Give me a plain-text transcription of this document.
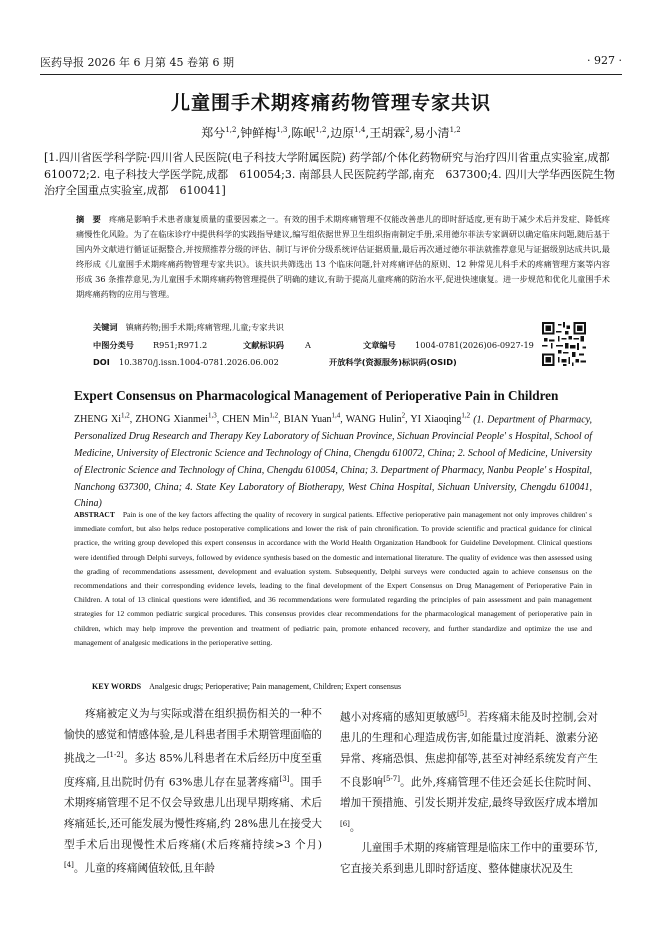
医药导报 2026 年 6 月第 45 卷第 6 期	· 927 ·
儿童围手术期疼痛药物管理专家共识
郑兮$^{1,2}$,钟鲜梅$^{1,3}$,陈岷$^{1,2}$,边原$^{1,4}$,王胡霖$^2$,易小清$^{1,2}$
[1.四川省医学科学院·四川省人民医院(电子科技大学附属医院) 药学部/个体化药物研究与治疗四川省重点实验室,成都　610072;2. 电子科技大学医学院,成都　610054;3. 南部县人民医院药学部,南充　637300;4. 四川大学华西医院生物治疗全国重点实验室,成都　610041]
摘　要 疼痛是影响手术患者康复质量的重要因素之一。有效的围手术期疼痛管理不仅能改善患儿的即时舒适度,更有助于减少术后并发症、降低疼痛慢性化风险。为了在临床诊疗中提供科学的实践指导建议,编写组依据世界卫生组织指南制定手册,采用德尔菲法专家调研以确定临床问题,随后基于国内外文献进行循证证据整合,并按照推荐分级的评估、制订与评价分级系统评估证据质量,最后再次通过德尔菲法就推荐意见与证据级别达成共识,最终形成《儿童围手术期疼痛药物管理专家共识》。该共识共筛选出 13 个临床问题,针对疼痛评估的原则、12 种常见儿科手术的疼痛管理方案等内容形成 36 条推荐意见,为儿童围手术期疼痛药物管理提供了明确的建议,有助于提高儿童疼痛的防治水平,促进快速康复。进一步规范和优化儿童围手术期疼痛药物的应用与管理。
关键词 镇痛药物;围手术期;疼痛管理,儿童;专家共识
中图分类号 R951;R971.2	文献标识码	A	文章编号 1004-0781(2026)06-0927-19
DOI 10.3870/j.issn.1004-0781.2026.06.002	开放科学(资源服务)标识码(OSID)
Expert Consensus on Pharmacological Management of Perioperative Pain in Children
ZHENG Xi$^{1,2}$, ZHONG Xianmei$^{1,3}$, CHEN Min$^{1,2}$, BIAN Yuan$^{1,4}$, WANG Hulin$^2$, YI Xiaoqing$^{1,2}$ (1. Department of Pharmacy, Personalized Drug Research and Therapy Key Laboratory of Sichuan Province, Sichuan Provincial People' s Hospital, School of Medicine, University of Electronic Science and Technology of China, Chengdu 610072, China; 2. School of Medicine, University of Electronic Science and Technology of China, Chengdu 610054, China; 3. Department of Pharmacy, Nanbu People' s Hospital, Nanchong 637300, China; 4. State Key Laboratory of Biotherapy, West China Hospital, Sichuan University, Chengdu 610041, China)
ABSTRACT Pain is one of the key factors affecting the quality of recovery in surgical patients. Effective perioperative pain management not only improves children' s immediate comfort, but also helps reduce postoperative complications and lower the risk of pain chronification. To provide scientific and practical guidance for clinical practice, the writing group developed this expert consensus in accordance with the World Health Organization Handbook for Guideline Development. Clinical questions were identified through Delphi surveys, followed by evidence synthesis based on the domestic and international literature. The quality of evidence was then assessed using the grading of recommendations assessment, development and evaluation system. Subsequently, Delphi surveys were conducted again to achieve consensus on the recommendations and their corresponding evidence levels, leading to the final development of the Expert Consensus on Drug Management of Perioperative Pain in Children. A total of 13 clinical questions were identified, and 36 recommendations were formulated regarding the principles of pain assessment and pain management strategies for 12 common pediatric surgical procedures. This consensus provides clear recommendations for the pharmacological management of perioperative pain in children, which may help improve the prevention and treatment of pediatric pain, promote enhanced recovery, and further standardize and optimize the use and management of analgesic medications in the perioperative setting.
KEY WORDS Analgesic drugs; Perioperative; Pain management, Children; Expert consensus

疼痛被定义为与实际或潜在组织损伤相关的一种不愉快的感觉和情感体验,是儿科患者围手术期管理面临的挑战之一[1-2]。多达 85%儿科患者在术后经历中度至重度疼痛,且出院时仍有 63%患儿存在显著疼痛[3]。围手术期疼痛管理不足不仅会导致患儿出现早期疼痛、术后疼痛延长,还可能发展为慢性疼痛,约 28%患儿在接受大型手术后出现慢性术后疼痛(术后疼痛持续>3 个月)[4]。儿童的疼痛阈值较低,且年龄

越小对疼痛的感知更敏感[5]。若疼痛未能及时控制,会对患儿的生理和心理造成伤害,如能量过度消耗、激素分泌异常、疼痛恐惧、焦虑抑郁等,甚至对神经系统发育产生不良影响[5-7]。此外,疼痛管理不佳还会延长住院时间、增加干预措施、引发长期并发症,最终导致医疗成本增加[6]。

儿童围手术期的疼痛管理是临床工作中的重要环节,它直接关系到患儿即时舒适度、整体健康状况及生
